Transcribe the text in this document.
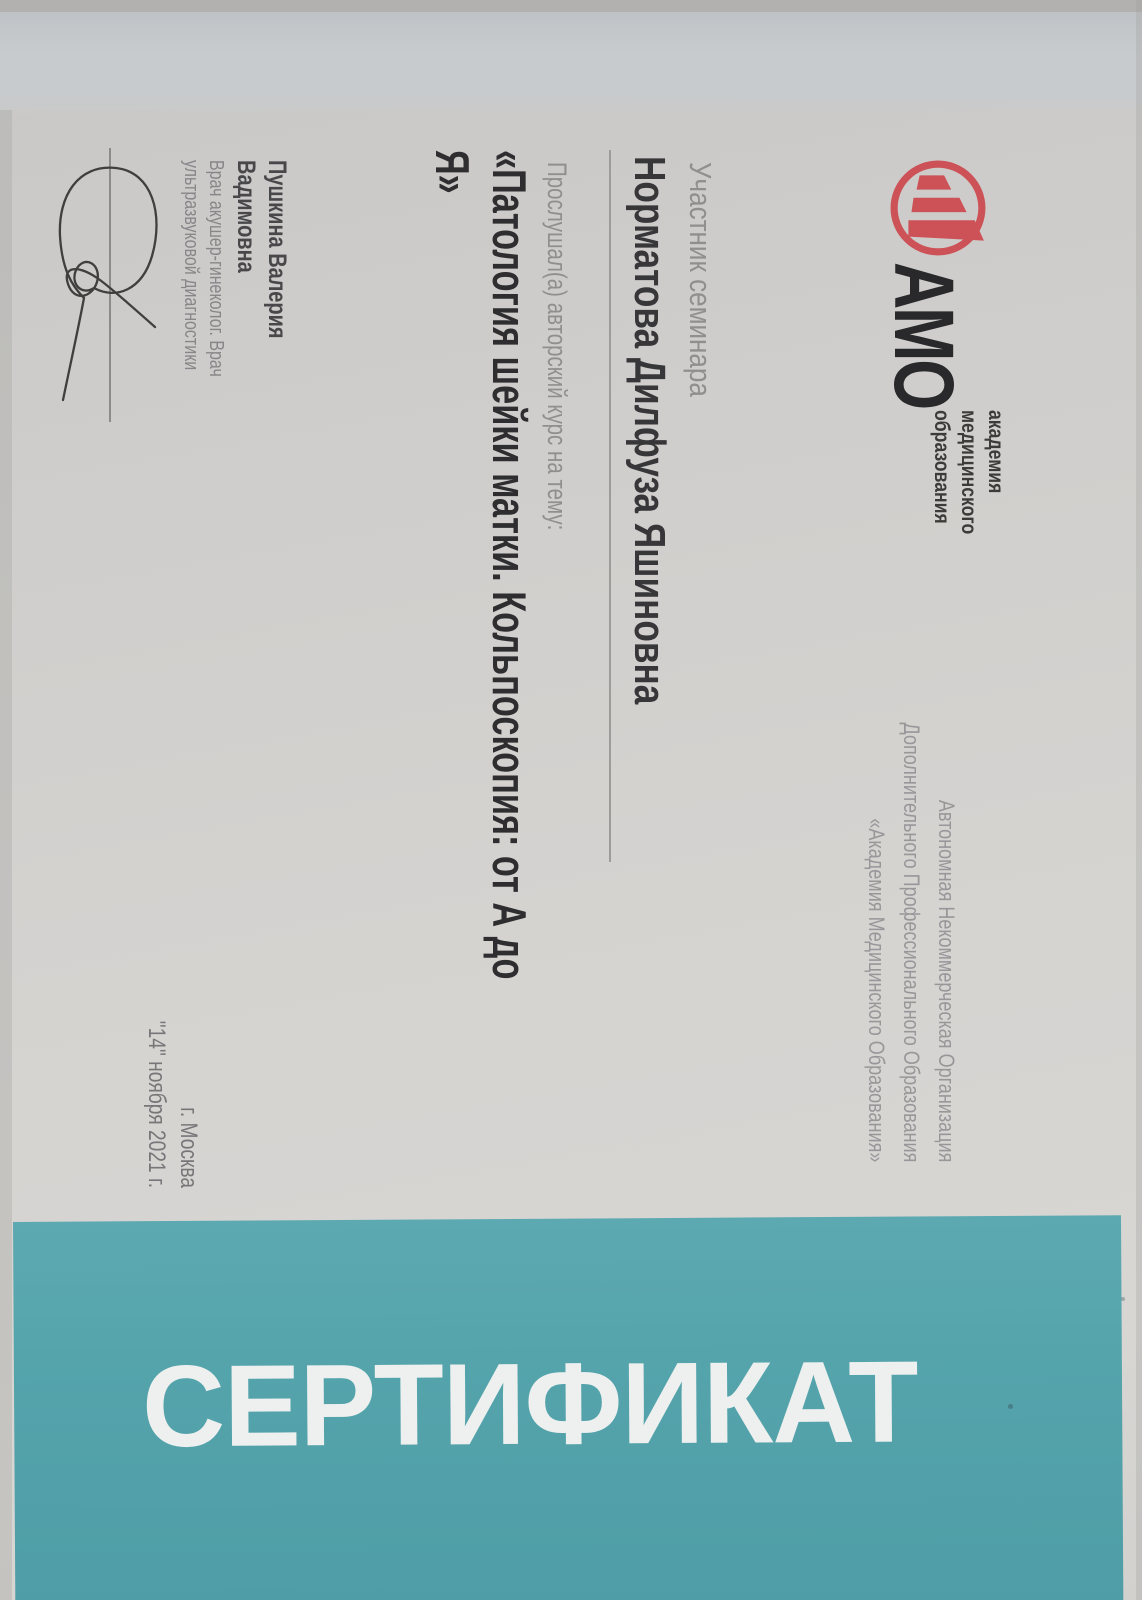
АМО
академия
медицинского
образования
Автономная Некоммерческая Организация
Дополнительного Профессионального Образования
«Академия Медицинского Образования»
Участник семинара
Норматова Дилфуза Яшиновна
Прослушал(а) авторский курс на тему:
«Патология шейки матки. Кольпоскопия: от А до
Я»
Пушкина Валерия
Вадимовна
Врач акушер-гинеколог. Врач
ультразвуковой диагностики
г. Москва
"14" ноября 2021 г.
СЕРТИФИКАТ
